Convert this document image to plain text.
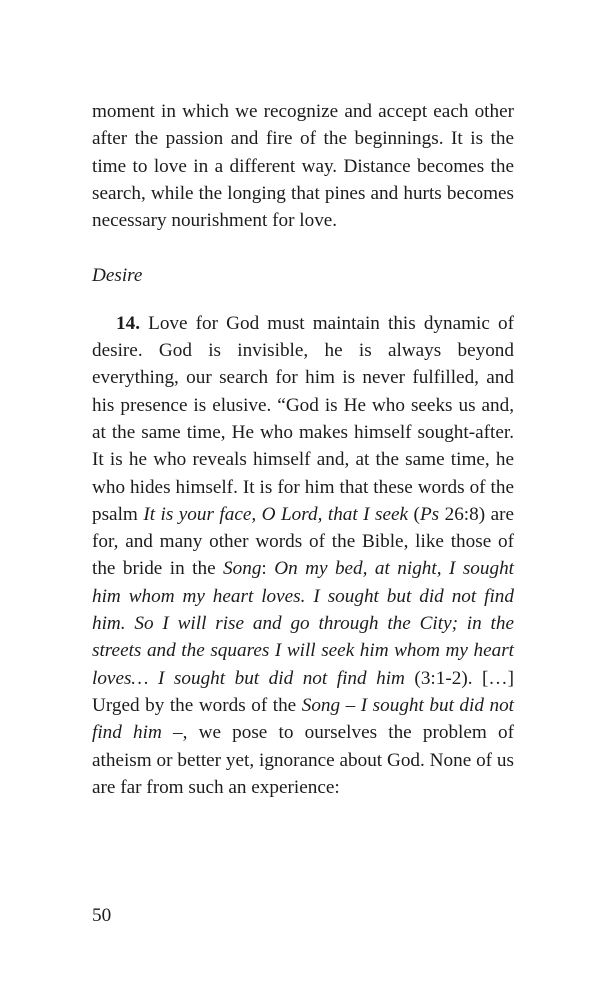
moment in which we recognize and accept each other after the passion and fire of the beginnings. It is the time to love in a different way. Distance becomes the search, while the longing that pines and hurts becomes necessary nourishment for love.

Desire

14. Love for God must maintain this dynamic of desire. God is invisible, he is always beyond everything, our search for him is never fulfilled, and his presence is elusive. “God is He who seeks us and, at the same time, He who makes himself sought-after. It is he who reveals himself and, at the same time, he who hides himself. It is for him that these words of the psalm It is your face, O Lord, that I seek (Ps 26:8) are for, and many other words of the Bible, like those of the bride in the Song: On my bed, at night, I sought him whom my heart loves. I sought but did not find him. So I will rise and go through the City; in the streets and the squares I will seek him whom my heart loves… I sought but did not find him (3:1-2). […] Urged by the words of the Song – I sought but did not find him –, we pose to ourselves the problem of atheism or better yet, ignorance about God. None of us are far from such an experience:

50
